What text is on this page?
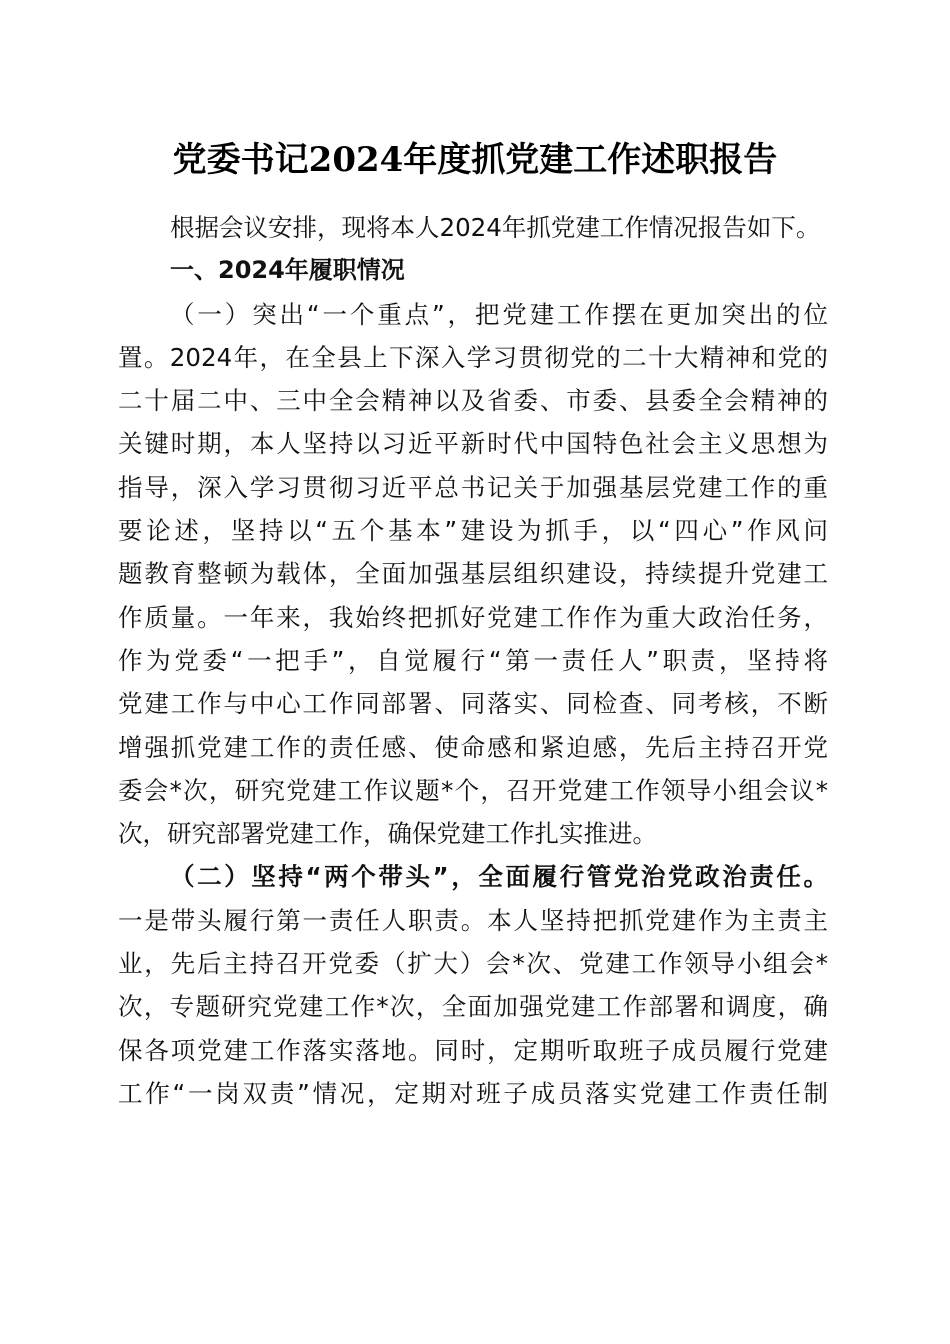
党委书记2024年度抓党建工作述职报告
根据会议安排，现将本人2024年抓党建工作情况报告如下。
一、2024年履职情况
（一）突出“一个重点”，把党建工作摆在更加突出的位
置。2024年，在全县上下深入学习贯彻党的二十大精神和党的
二十届二中、三中全会精神以及省委、市委、县委全会精神的
关键时期，本人坚持以习近平新时代中国特色社会主义思想为
指导，深入学习贯彻习近平总书记关于加强基层党建工作的重
要论述，坚持以“五个基本”建设为抓手，以“四心”作风问
题教育整顿为载体，全面加强基层组织建设，持续提升党建工
作质量。一年来，我始终把抓好党建工作作为重大政治任务，
作为党委“一把手”，自觉履行“第一责任人”职责，坚持将
党建工作与中心工作同部署、同落实、同检查、同考核，不断
增强抓党建工作的责任感、使命感和紧迫感，先后主持召开党
委会*次，研究党建工作议题*个，召开党建工作领导小组会议*
次，研究部署党建工作，确保党建工作扎实推进。
（二）坚持“两个带头”，全面履行管党治党政治责任。
一是带头履行第一责任人职责。本人坚持把抓党建作为主责主
业，先后主持召开党委（扩大）会*次、党建工作领导小组会*
次，专题研究党建工作*次，全面加强党建工作部署和调度，确
保各项党建工作落实落地。同时，定期听取班子成员履行党建
工作“一岗双责”情况，定期对班子成员落实党建工作责任制
